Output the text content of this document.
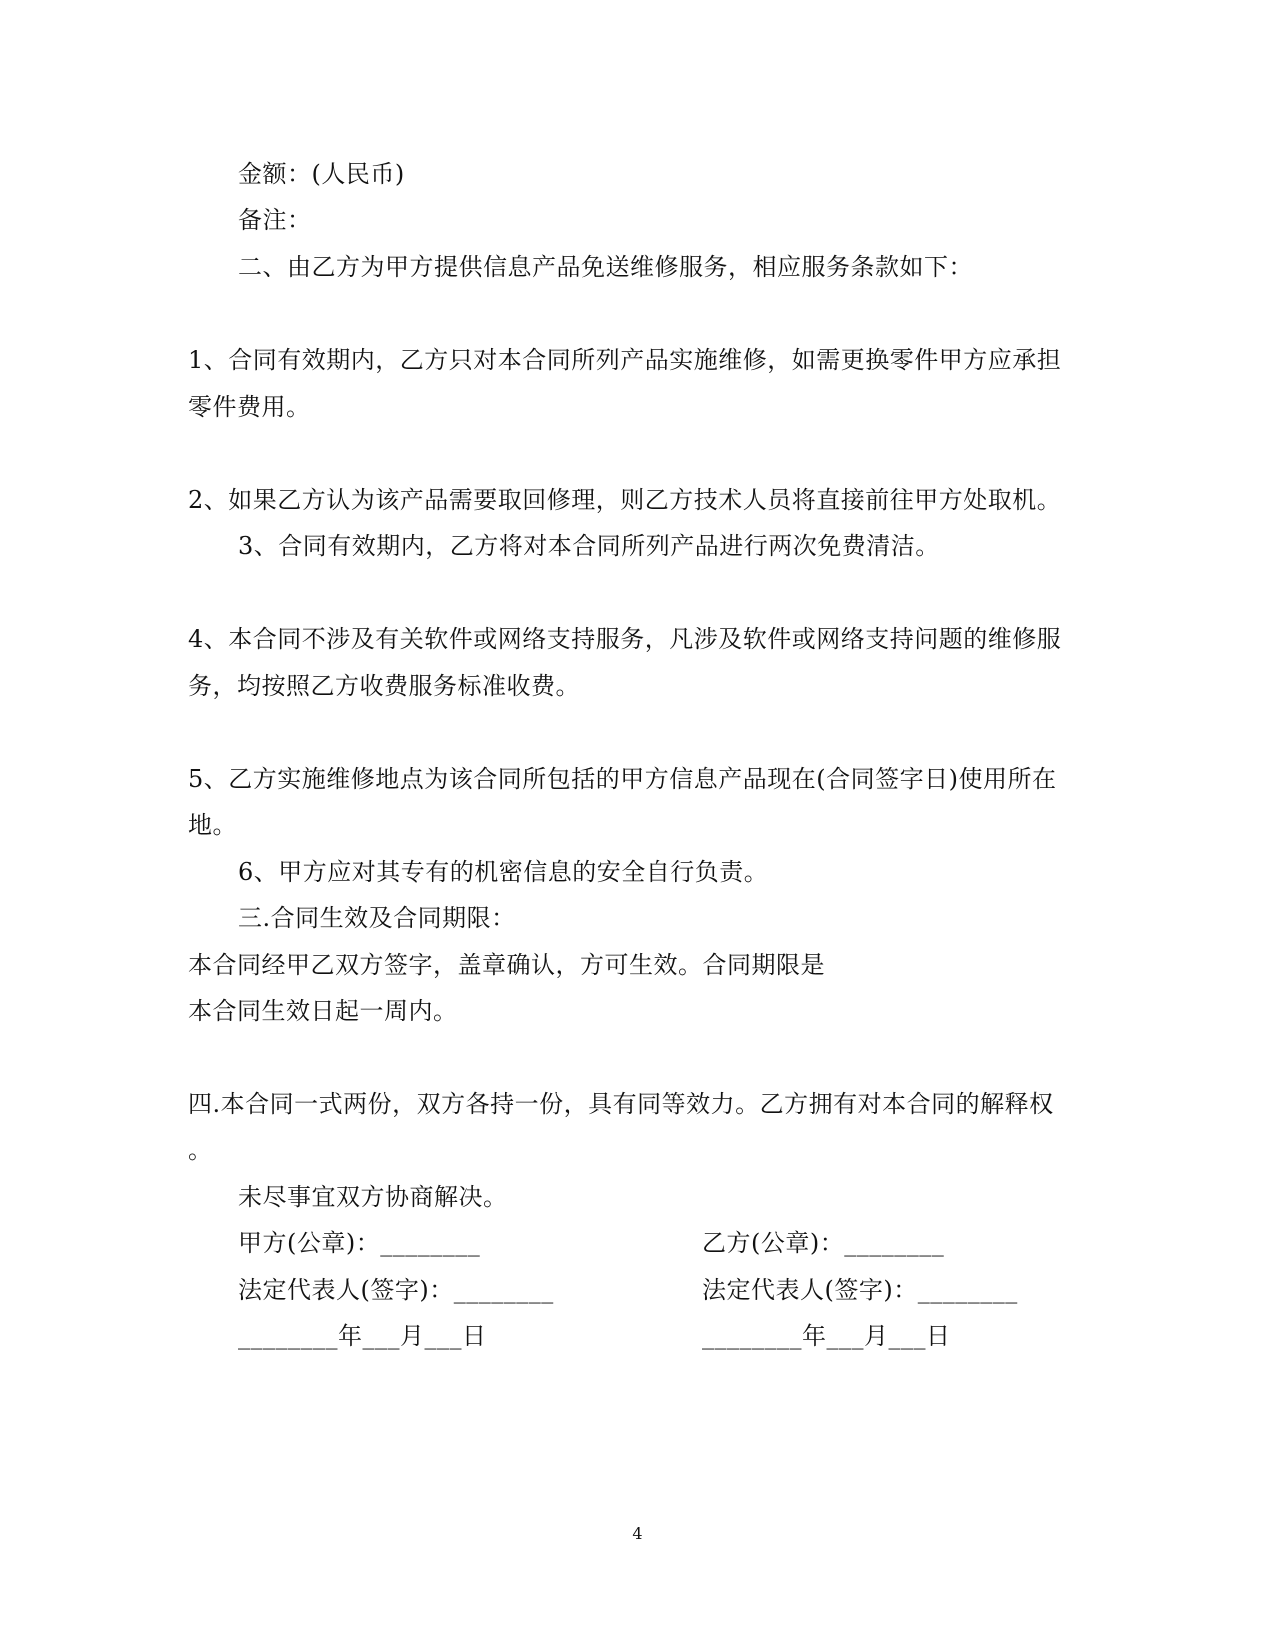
金额：(人民币)
备注：
二、由乙方为甲方提供信息产品免送维修服务，相应服务条款如下：
1、合同有效期内，乙方只对本合同所列产品实施维修，如需更换零件甲方应承担
零件费用。
2、如果乙方认为该产品需要取回修理，则乙方技术人员将直接前往甲方处取机。
3、合同有效期内，乙方将对本合同所列产品进行两次免费清洁。
4、本合同不涉及有关软件或网络支持服务，凡涉及软件或网络支持问题的维修服
务，均按照乙方收费服务标准收费。
5、乙方实施维修地点为该合同所包括的甲方信息产品现在(合同签字日)使用所在
地。
6、甲方应对其专有的机密信息的安全自行负责。
三.合同生效及合同期限：
本合同经甲乙双方签字，盖章确认，方可生效。合同期限是
本合同生效日起一周内。
四.本合同一式两份，双方各持一份，具有同等效力。乙方拥有对本合同的解释权
。
未尽事宜双方协商解决。
甲方(公章)：________	乙方(公章)：________
法定代表人(签字)：________	法定代表人(签字)：________
________年___月___日	________年___月___日
4
